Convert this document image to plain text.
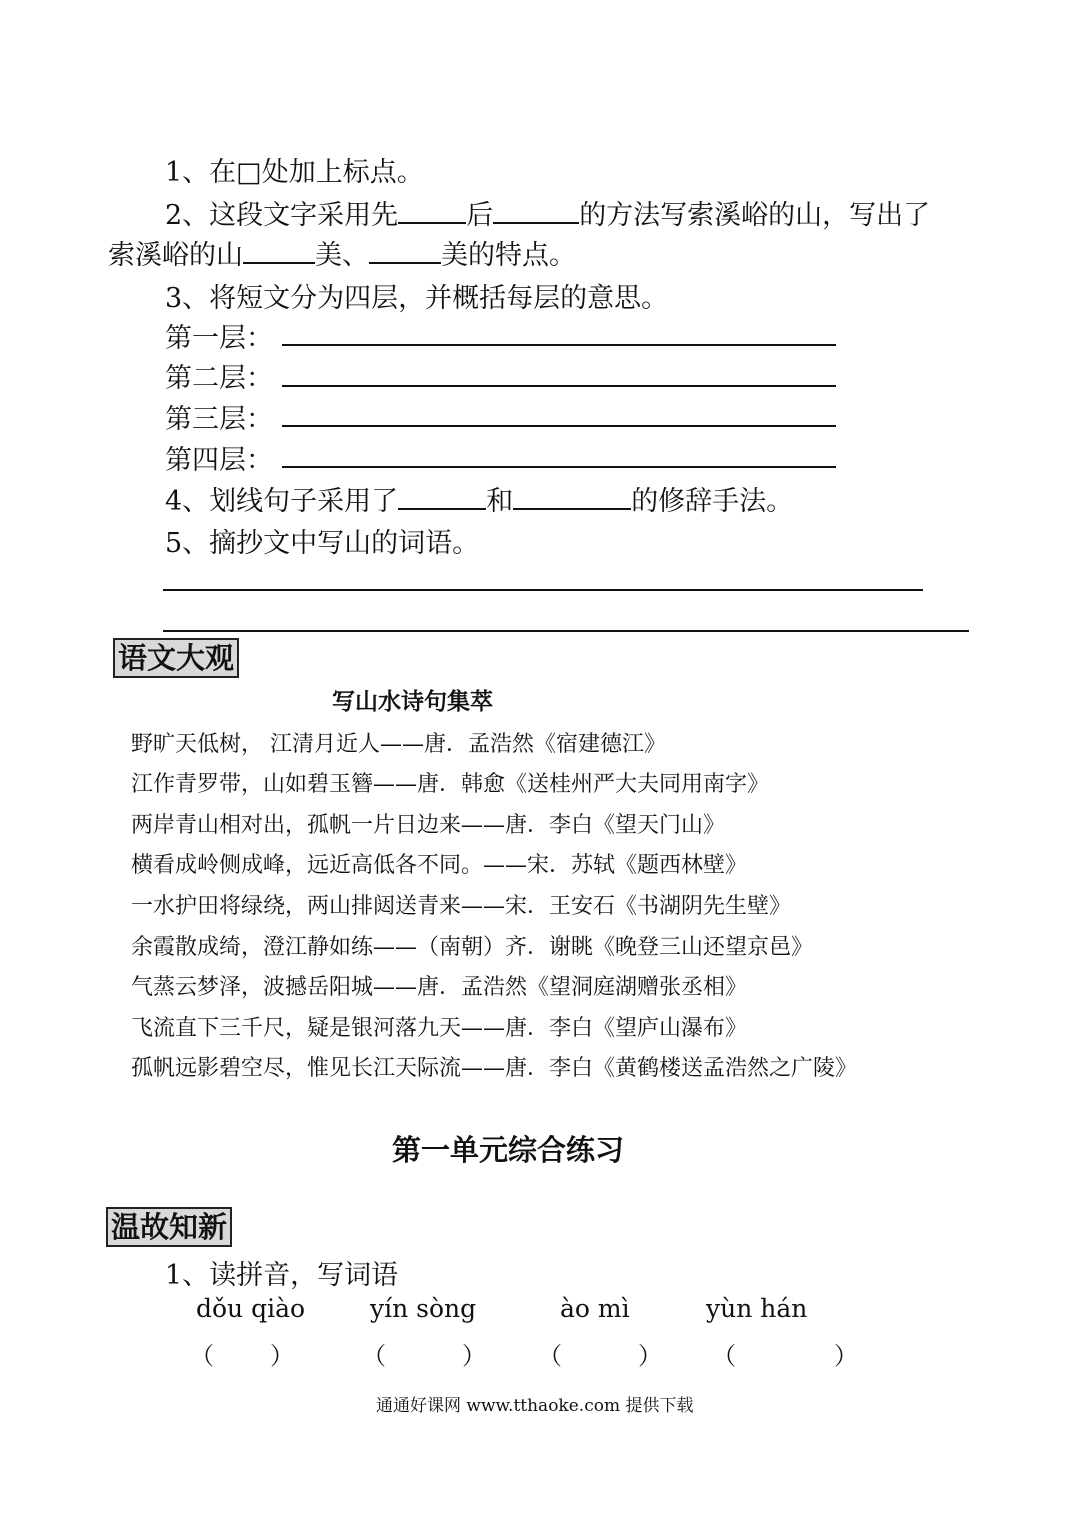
1、在□处加上标点。
2、这段文字采用先	后	的方法写索溪峪的山，写出了
索溪峪的山	美、	美的特点。
3、将短文分为四层，并概括每层的意思。
第一层：
第二层：
第三层：
第四层：
4、划线句子采用了	和	的修辞手法。
5、摘抄文中写山的词语。
语文大观
写山水诗句集萃
野旷天低树， 江清月近人——唐．孟浩然《宿建德江》
江作青罗带，山如碧玉簪——唐．韩愈《送桂州严大夫同用南字》
两岸青山相对出，孤帆一片日边来——唐．李白《望天门山》
横看成岭侧成峰，远近高低各不同。——宋．苏轼《题西林壁》
一水护田将绿绕，两山排闼送青来——宋．王安石《书湖阴先生壁》
余霞散成绮，澄江静如练——（南朝）齐．谢眺《晚登三山还望京邑》
气蒸云梦泽，波撼岳阳城——唐．孟浩然《望洞庭湖赠张丞相》
飞流直下三千尺，疑是银河落九天——唐．李白《望庐山瀑布》
孤帆远影碧空尽，惟见长江天际流——唐．李白《黄鹤楼送孟浩然之广陵》
第一单元综合练习
温故知新
1、读拼音，写词语
dǒu qiào	yín sòng	ào mì	yùn hán
（ ）	（	） （	） （	）
通通好课网 www.tthaoke.com 提供下载
